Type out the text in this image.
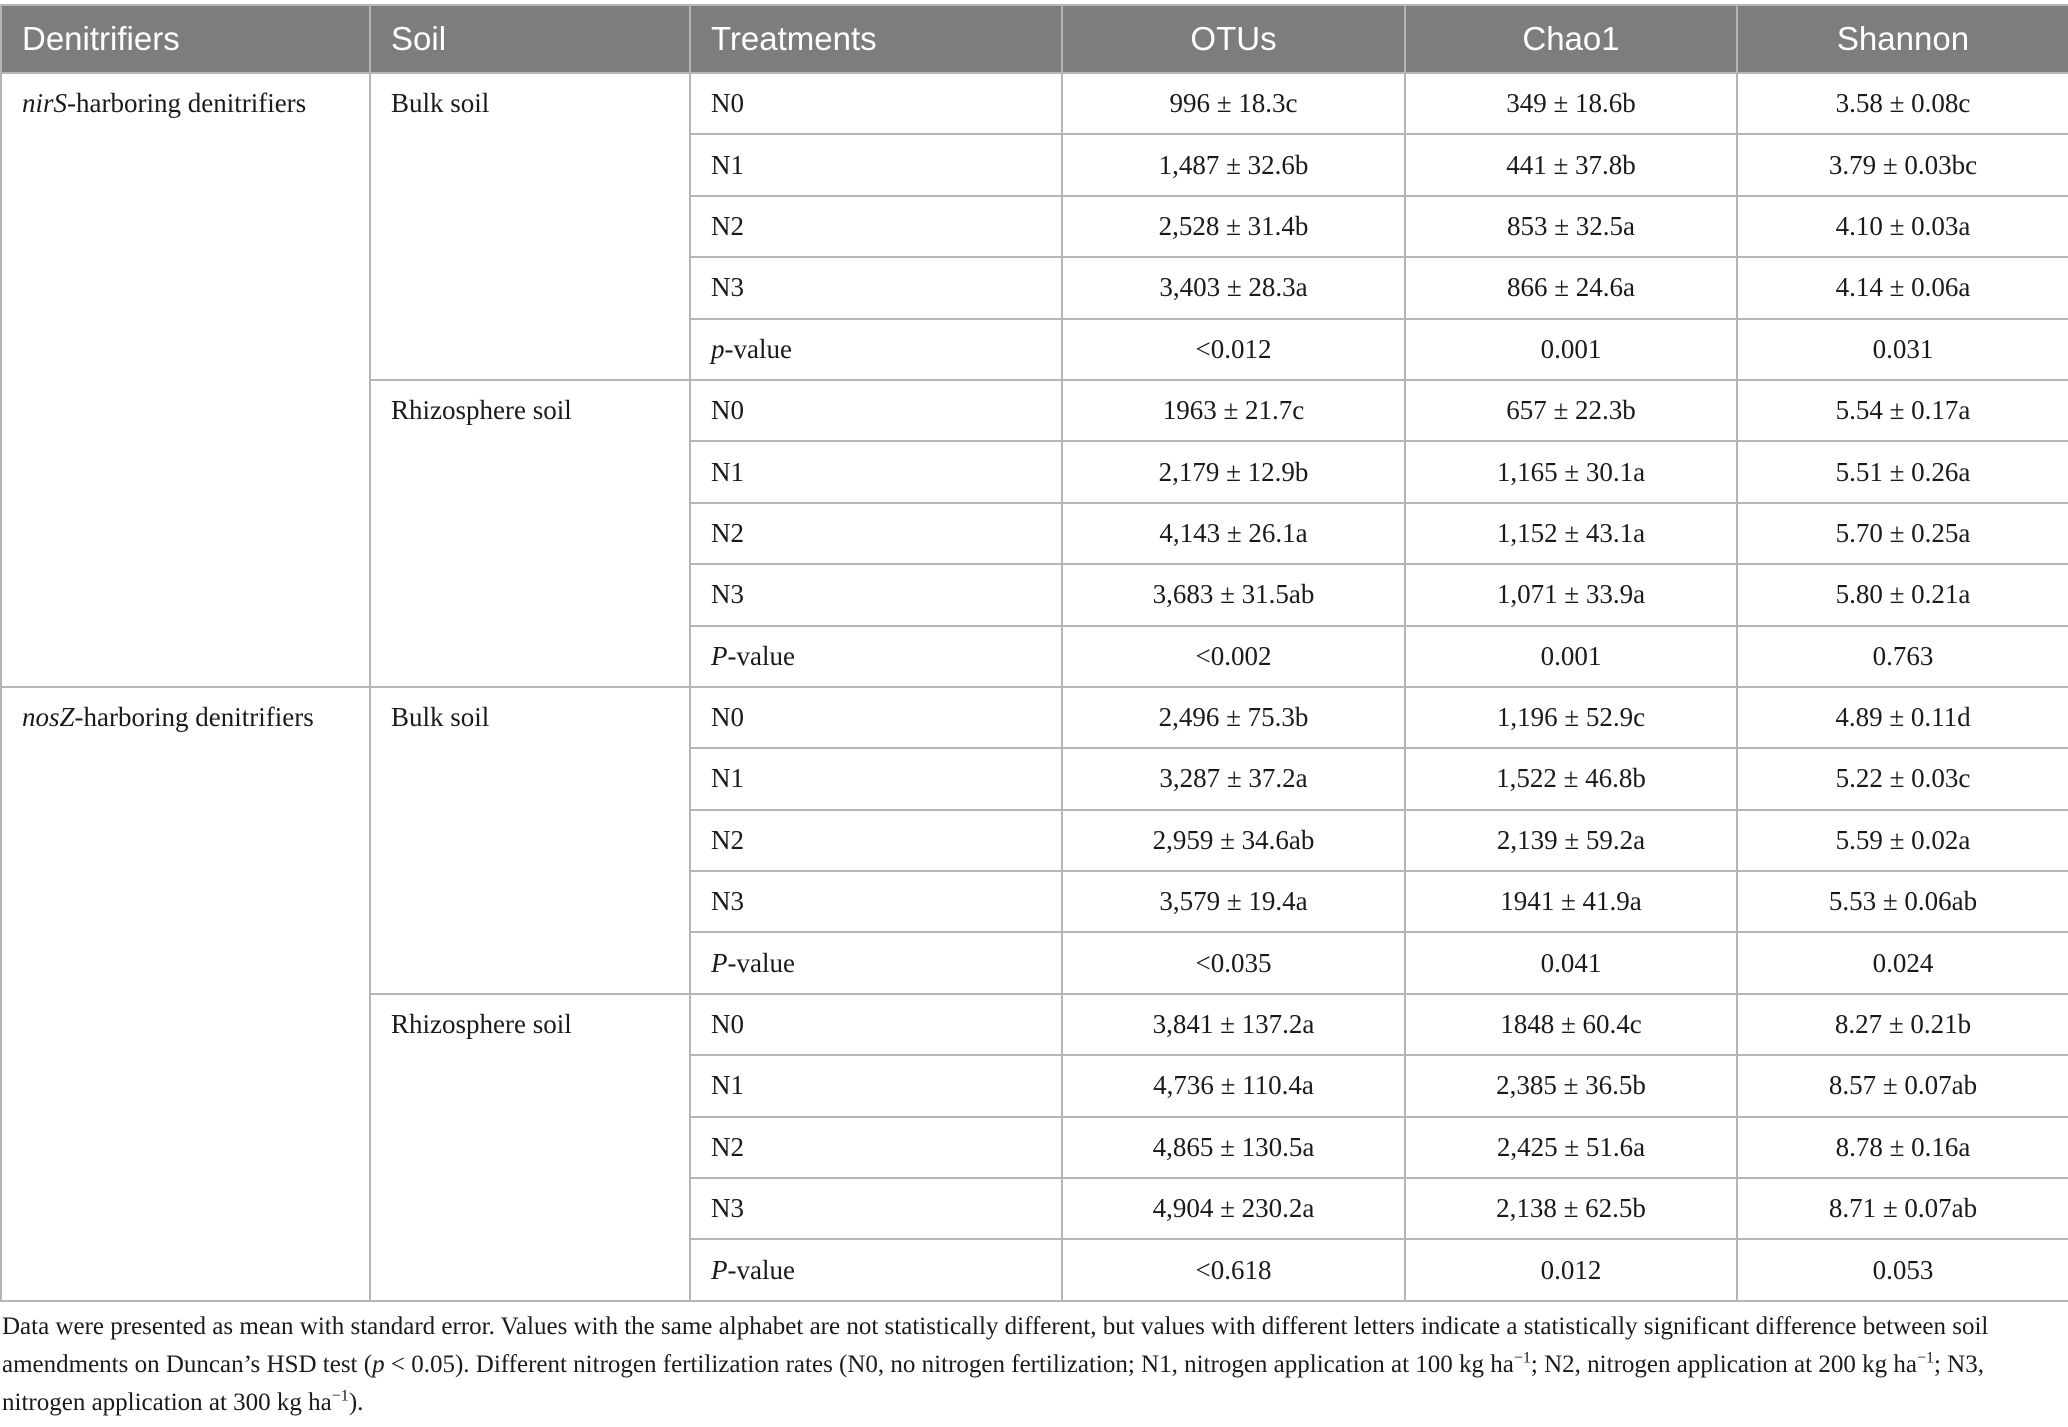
Denitrifiers	Soil	Treatments	OTUs	Chao1	Shannon
nirS-harboring denitrifiers	Bulk soil	N0	996 ± 18.3c	349 ± 18.6b	3.58 ± 0.08c
		N1	1,487 ± 32.6b	441 ± 37.8b	3.79 ± 0.03bc
		N2	2,528 ± 31.4b	853 ± 32.5a	4.10 ± 0.03a
		N3	3,403 ± 28.3a	866 ± 24.6a	4.14 ± 0.06a
		p-value	<0.012	0.001	0.031
	Rhizosphere soil	N0	1963 ± 21.7c	657 ± 22.3b	5.54 ± 0.17a
		N1	2,179 ± 12.9b	1,165 ± 30.1a	5.51 ± 0.26a
		N2	4,143 ± 26.1a	1,152 ± 43.1a	5.70 ± 0.25a
		N3	3,683 ± 31.5ab	1,071 ± 33.9a	5.80 ± 0.21a
		P-value	<0.002	0.001	0.763
nosZ-harboring denitrifiers	Bulk soil	N0	2,496 ± 75.3b	1,196 ± 52.9c	4.89 ± 0.11d
		N1	3,287 ± 37.2a	1,522 ± 46.8b	5.22 ± 0.03c
		N2	2,959 ± 34.6ab	2,139 ± 59.2a	5.59 ± 0.02a
		N3	3,579 ± 19.4a	1941 ± 41.9a	5.53 ± 0.06ab
		P-value	<0.035	0.041	0.024
	Rhizosphere soil	N0	3,841 ± 137.2a	1848 ± 60.4c	8.27 ± 0.21b
		N1	4,736 ± 110.4a	2,385 ± 36.5b	8.57 ± 0.07ab
		N2	4,865 ± 130.5a	2,425 ± 51.6a	8.78 ± 0.16a
		N3	4,904 ± 230.2a	2,138 ± 62.5b	8.71 ± 0.07ab
		P-value	<0.618	0.012	0.053
Data were presented as mean with standard error. Values with the same alphabet are not statistically different, but values with different letters indicate a statistically significant difference between soil amendments on Duncan’s HSD test (p < 0.05). Different nitrogen fertilization rates (N0, no nitrogen fertilization; N1, nitrogen application at 100 kg $ha^{-1}$; N2, nitrogen application at 200 kg $ha^{-1}$; N3, nitrogen application at 300 kg $ha^{-1}$).
